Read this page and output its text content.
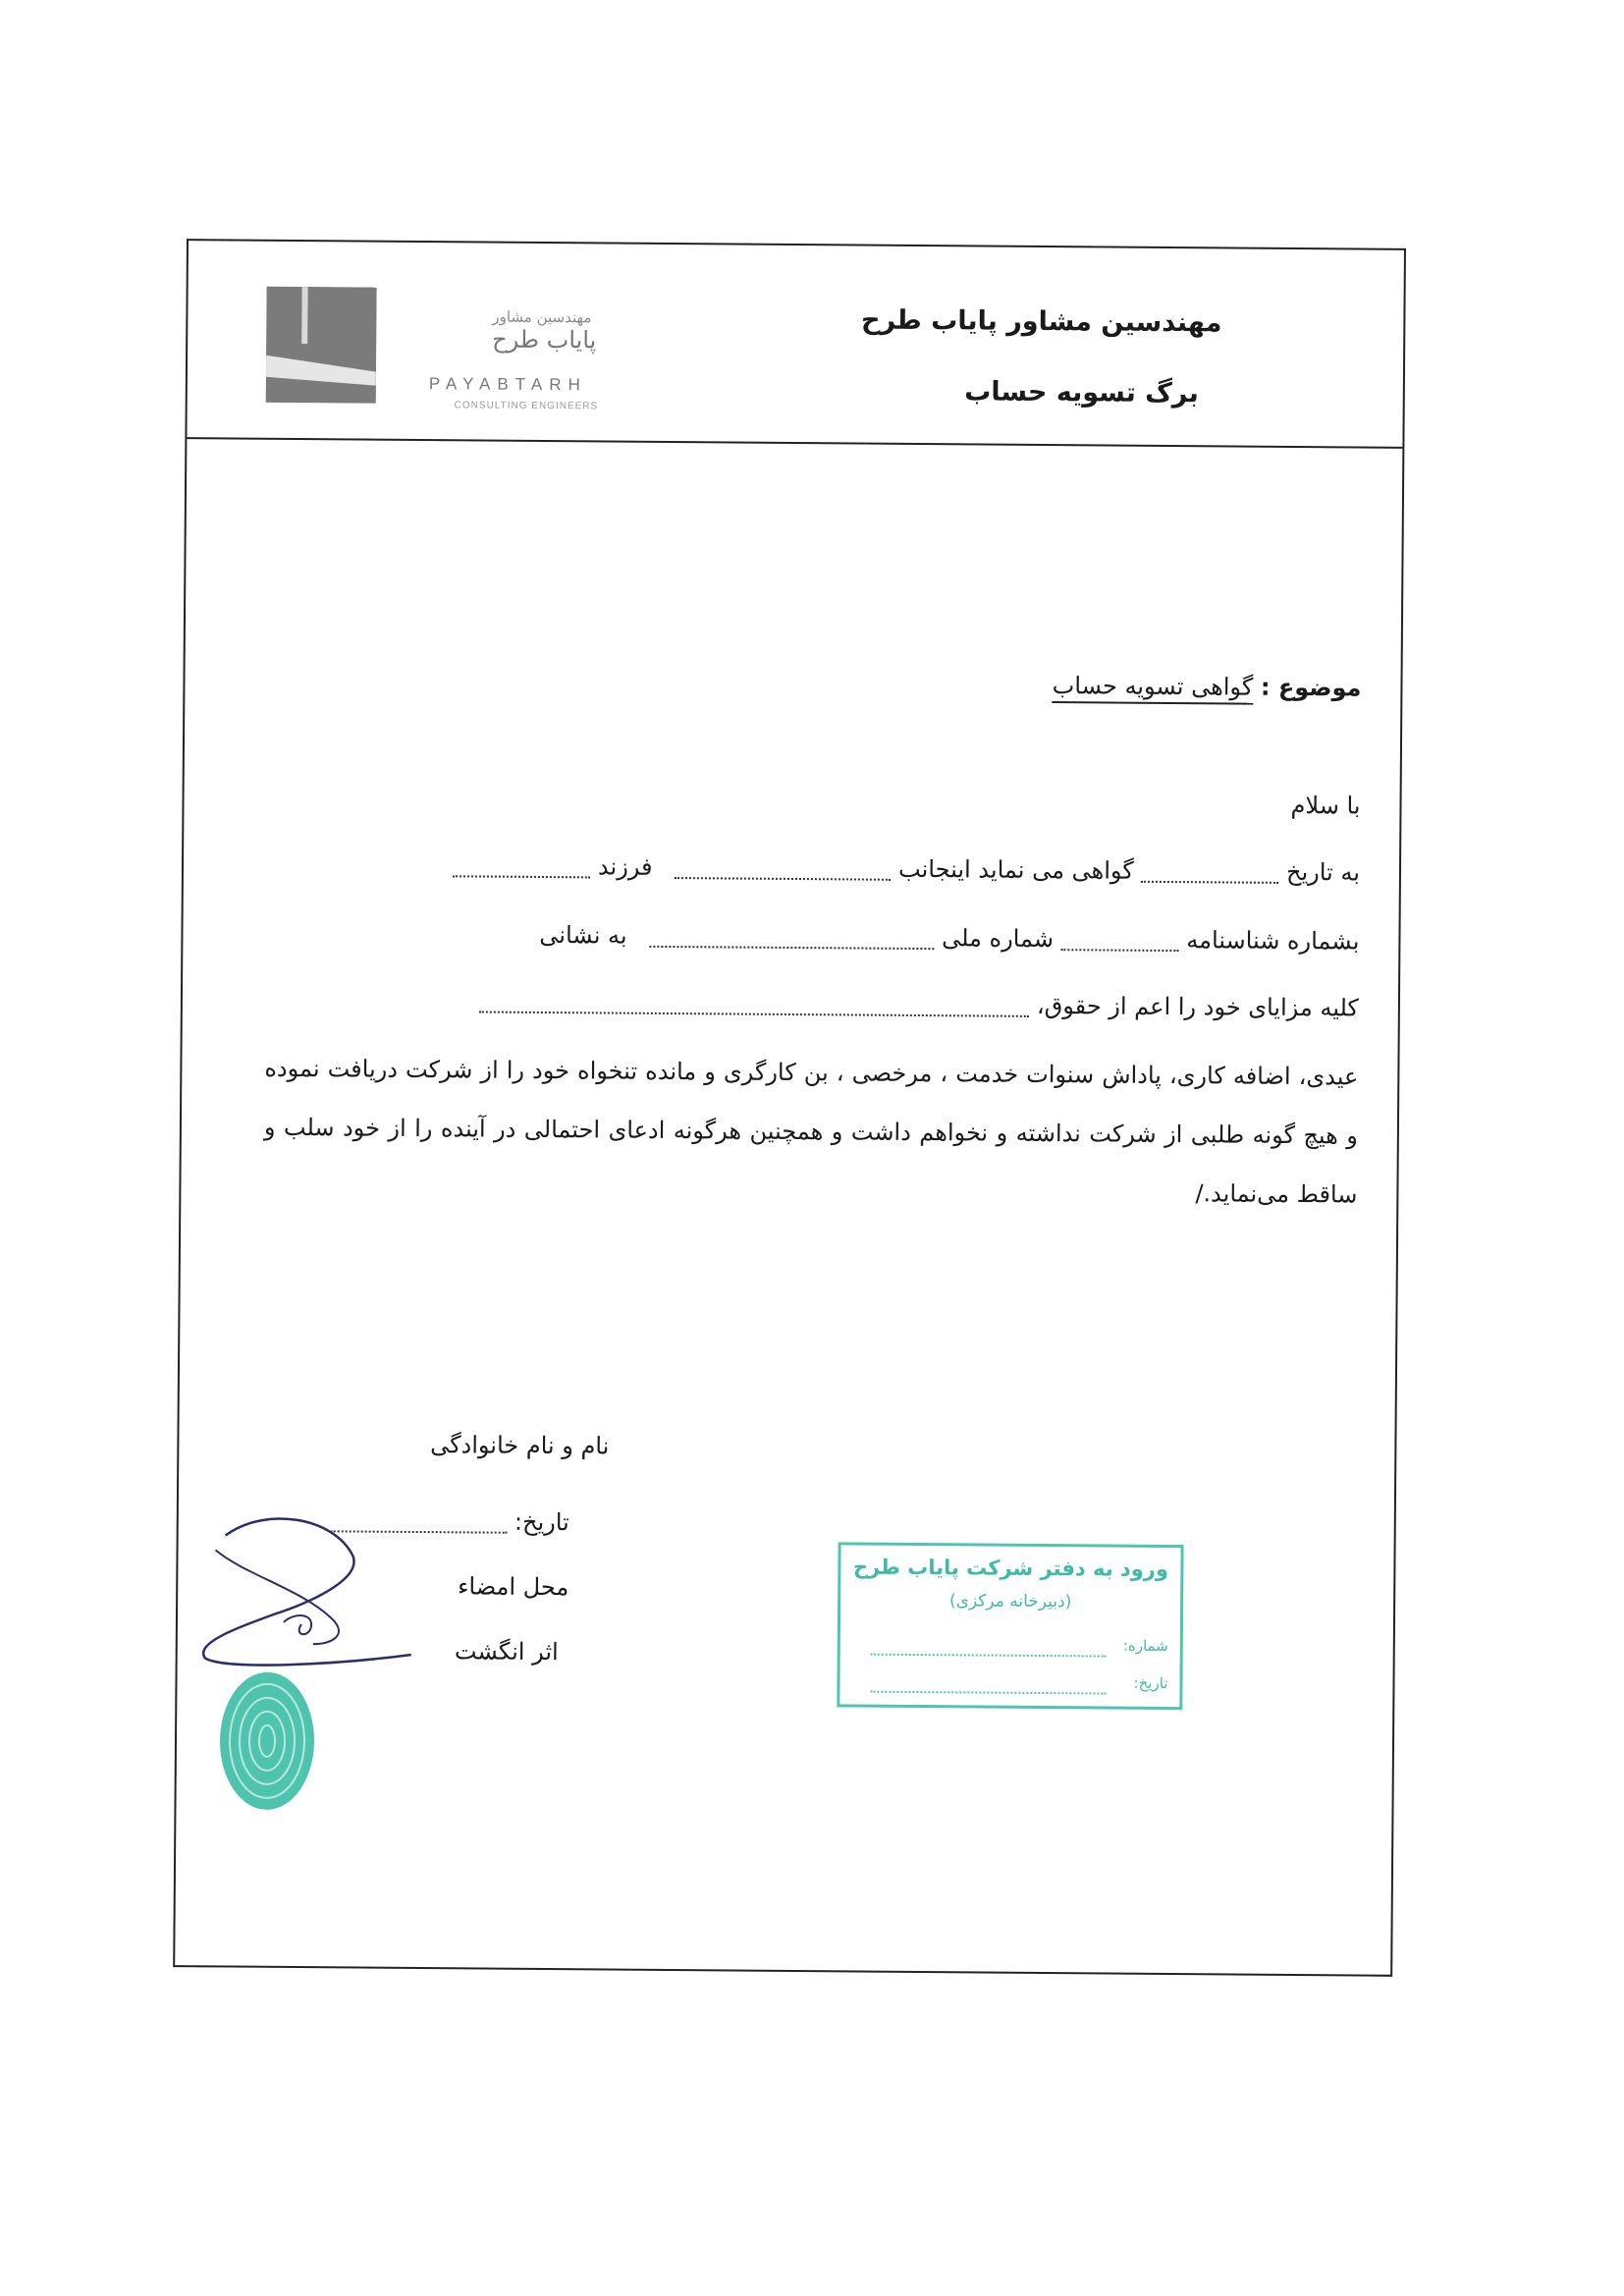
مهندسین مشاور
پایاب طرح
PAYABTARH
CONSULTING ENGINEERS
مهندسین مشاور پایاب طرح
برگ تسویه حساب
موضوع : گواهی تسویه حساب
با سلام
به تاریخ  گواهی می نماید اینجانب    فرزند
بشماره شناسنامه  شماره ملی    به نشانی
کلیه مزایای خود را اعم از حقوق،
عیدی، اضافه کاری، پاداش سنوات خدمت ، مرخصی ، بن کارگری و مانده تنخواه خود را از شرکت دریافت نموده و هیچ گونه طلبی از شرکت نداشته و نخواهم داشت و همچنین هرگونه ادعای احتمالی در آینده را از خود سلب و ساقط می‌نماید./
نام و نام خانوادگی
تاریخ:
محل امضاء
اثر انگشت
ورود به دفتر شرکت پایاب طرح
(دبیرخانه مرکزی)
شماره:
تاریخ:
